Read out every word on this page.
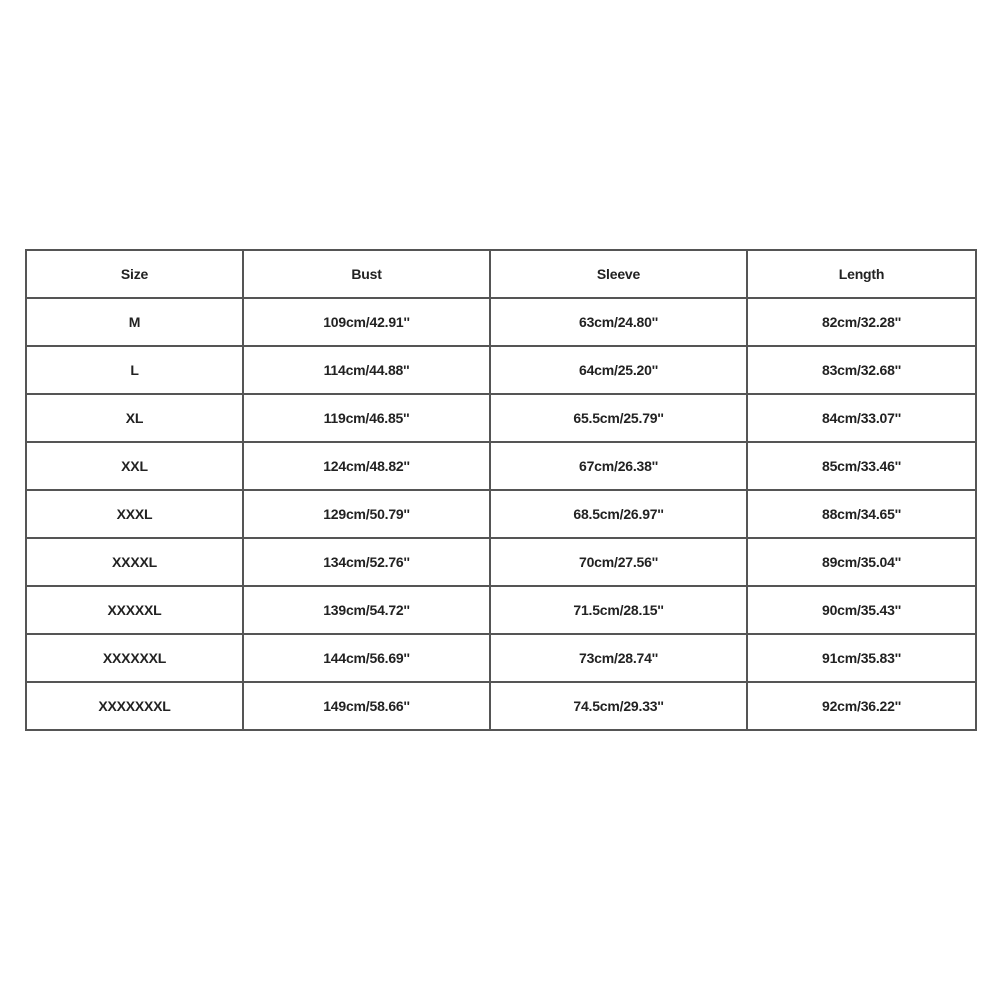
Size	Bust	Sleeve	Length
M	109cm/42.91''	63cm/24.80''	82cm/32.28''
L	114cm/44.88''	64cm/25.20''	83cm/32.68''
XL	119cm/46.85''	65.5cm/25.79''	84cm/33.07''
XXL	124cm/48.82''	67cm/26.38''	85cm/33.46''
XXXL	129cm/50.79''	68.5cm/26.97''	88cm/34.65''
XXXXL	134cm/52.76''	70cm/27.56''	89cm/35.04''
XXXXXL	139cm/54.72''	71.5cm/28.15''	90cm/35.43''
XXXXXXL	144cm/56.69''	73cm/28.74''	91cm/35.83''
XXXXXXXL	149cm/58.66''	74.5cm/29.33''	92cm/36.22''
